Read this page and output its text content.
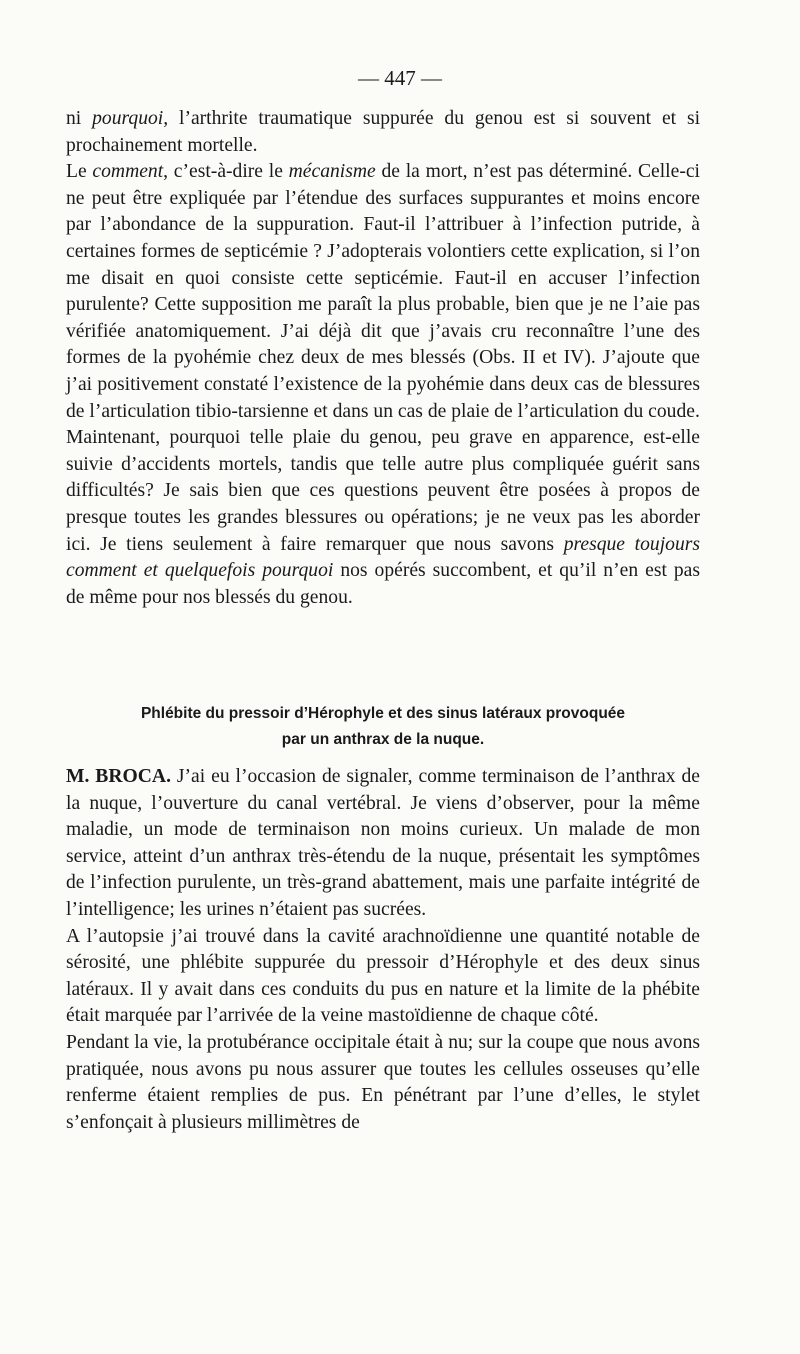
— 447 —

ni pourquoi, l’arthrite traumatique suppurée du genou est si souvent et si prochainement mortelle.

Le comment, c’est-à-dire le mécanisme de la mort, n’est pas déterminé. Celle-ci ne peut être expliquée par l’étendue des surfaces suppurantes et moins encore par l’abondance de la suppuration. Faut-il l’attribuer à l’infection putride, à certaines formes de septicémie ? J’adopterais volontiers cette explication, si l’on me disait en quoi consiste cette septicémie. Faut-il en accuser l’infection purulente? Cette supposition me paraît la plus probable, bien que je ne l’aie pas vérifiée anatomiquement. J’ai déjà dit que j’avais cru reconnaître l’une des formes de la pyohémie chez deux de mes blessés (Obs. II et IV). J’ajoute que j’ai positivement constaté l’existence de la pyohémie dans deux cas de blessures de l’articulation tibio-tarsienne et dans un cas de plaie de l’articulation du coude.

Maintenant, pourquoi telle plaie du genou, peu grave en apparence, est-elle suivie d’accidents mortels, tandis que telle autre plus compliquée guérit sans difficultés? Je sais bien que ces questions peuvent être posées à propos de presque toutes les grandes blessures ou opérations; je ne veux pas les aborder ici. Je tiens seulement à faire remarquer que nous savons presque toujours comment et quelquefois pourquoi nos opérés succombent, et qu’il n’en est pas de même pour nos blessés du genou.

Phlébite du pressoir d’Hérophyle et des sinus latéraux provoquée
par un anthrax de la nuque.

M. BROCA. J’ai eu l’occasion de signaler, comme terminaison de l’anthrax de la nuque, l’ouverture du canal vertébral. Je viens d’observer, pour la même maladie, un mode de terminaison non moins curieux. Un malade de mon service, atteint d’un anthrax très-étendu de la nuque, présentait les symptômes de l’infection purulente, un très-grand abattement, mais une parfaite intégrité de l’intelligence; les urines n’étaient pas sucrées.

A l’autopsie j’ai trouvé dans la cavité arachnoïdienne une quantité notable de sérosité, une phlébite suppurée du pressoir d’Hérophyle et des deux sinus latéraux. Il y avait dans ces conduits du pus en nature et la limite de la phébite était marquée par l’arrivée de la veine mastoïdienne de chaque côté.

Pendant la vie, la protubérance occipitale était à nu; sur la coupe que nous avons pratiquée, nous avons pu nous assurer que toutes les cellules osseuses qu’elle renferme étaient remplies de pus. En pénétrant par l’une d’elles, le stylet s’enfonçait à plusieurs millimètres de
